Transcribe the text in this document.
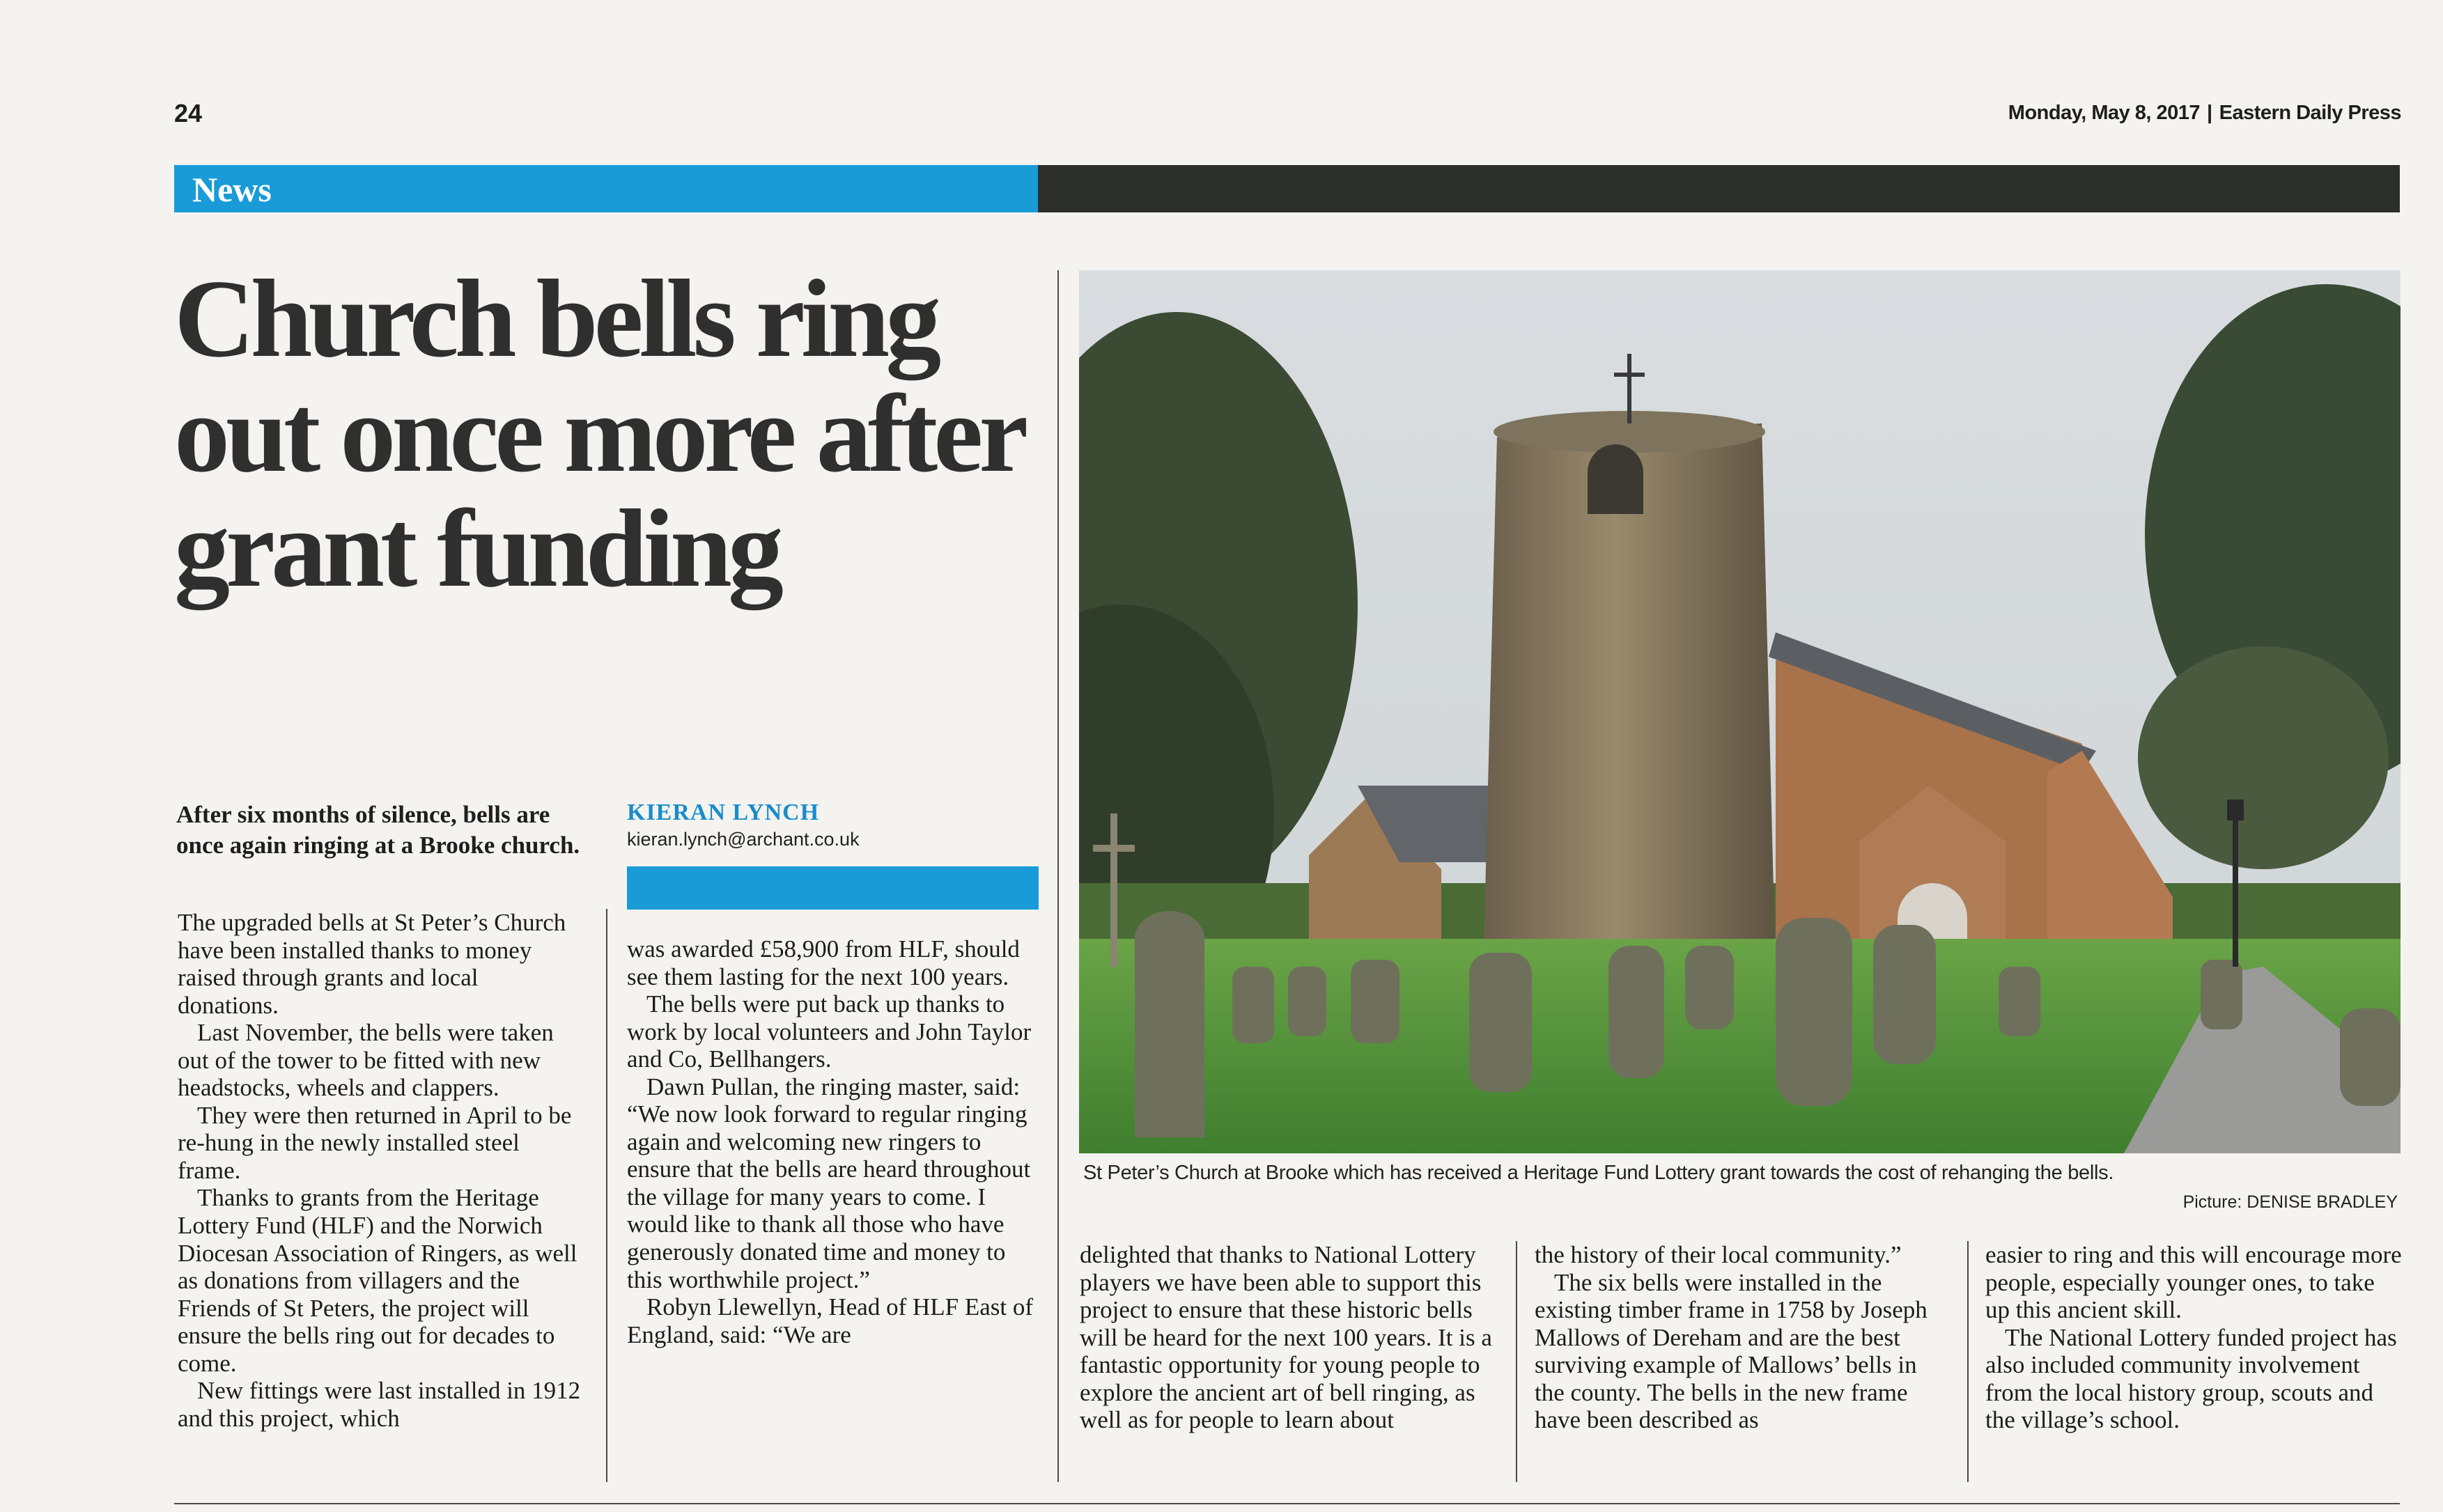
24	Monday, May 8, 2017 | Eastern Daily Press
News
Church bells ring out once more after grant funding
After six months of silence, bells are once again ringing at a Brooke church.
KIERAN LYNCH
kieran.lynch@archant.co.uk

The upgraded bells at St Peter’s Church have been installed thanks to money raised through grants and local donations.

Last November, the bells were taken out of the tower to be fitted with new headstocks, wheels and clappers.

They were then returned in April to be re-hung in the newly installed steel frame.

Thanks to grants from the Heritage Lottery Fund (HLF) and the Norwich Diocesan Association of Ringers, as well as donations from villagers and the Friends of St Peters, the project will ensure the bells ring out for decades to come.

New fittings were last installed in 1912 and this project, which

was awarded £58,900 from HLF, should see them lasting for the next 100 years.

The bells were put back up thanks to work by local volunteers and John Taylor and Co, Bellhangers.

Dawn Pullan, the ringing master, said: “We now look forward to regular ringing again and welcoming new ringers to ensure that the bells are heard throughout the village for many years to come. I would like to thank all those who have generously donated time and money to this worthwhile project.”

Robyn Llewellyn, Head of HLF East of England, said: “We are

delighted that thanks to National Lottery players we have been able to support this project to ensure that these historic bells will be heard for the next 100 years. It is a fantastic opportunity for young people to explore the ancient art of bell ringing, as well as for people to learn about

the history of their local community.”

The six bells were installed in the existing timber frame in 1758 by Joseph Mallows of Dereham and are the best surviving example of Mallows’ bells in the county. The bells in the new frame have been described as

easier to ring and this will encourage more people, especially younger ones, to take up this ancient skill.

The National Lottery funded project has also included community involvement from the local history group, scouts and the village’s school.

St Peter’s Church at Brooke which has received a Heritage Fund Lottery grant towards the cost of rehanging the bells.
Picture: DENISE BRADLEY
